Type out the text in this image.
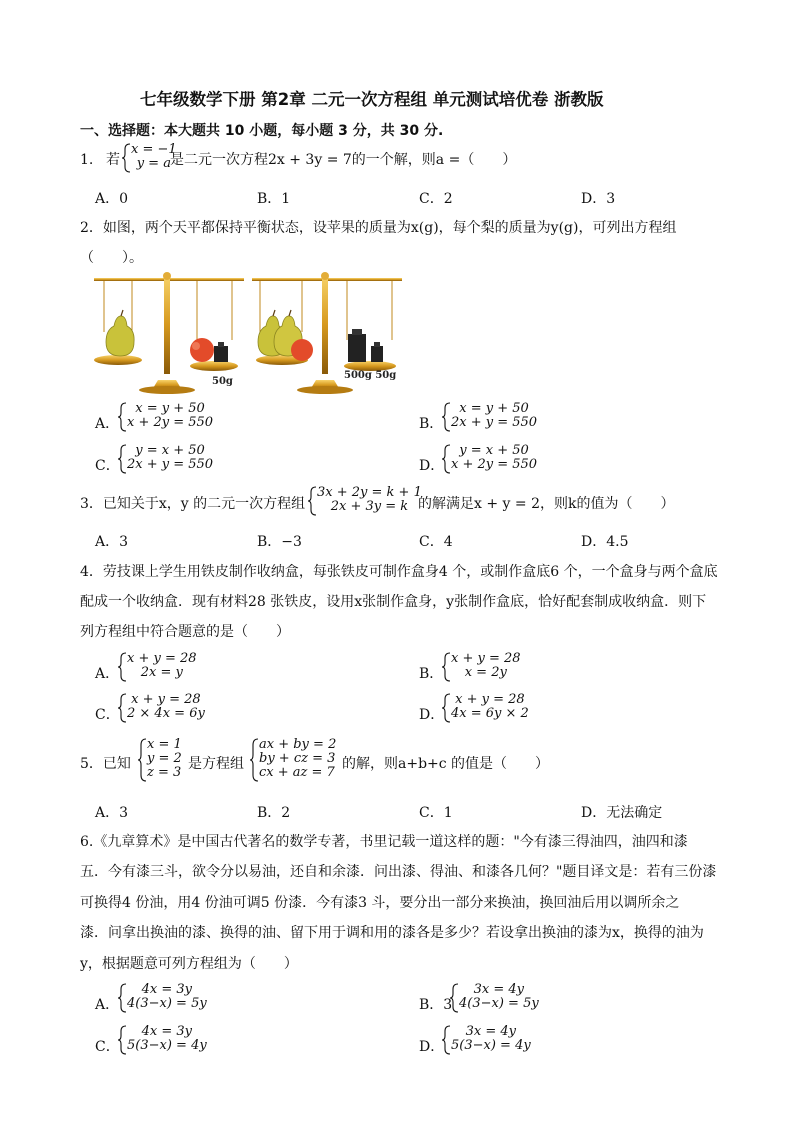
七年级数学下册 第2章 二元一次方程组 单元测试培优卷 浙教版
一、选择题：本大题共 10 小题，每小题 3 分，共 30 分.
1. 若
x = −1
y = a 是二元一次方程2x + 3y = 7的一个解，则a =（　　）
A．0	B．1	C．2	D．3
2．如图，两个天平都保持平衡状态，设苹果的质量为x(g)，每个梨的质量为y(g)，可列出方程组
（　　）。
50g
500g 50g
A．
x = y + 50
x + 2y = 550	B．
x = y + 50
2x + y = 550
C．
y = x + 50
2x + y = 550	D．
y = x + 50
x + 2y = 550
3．已知关于x，y 的二元一次方程组
3x + 2y = k + 1
2x + 3y = k 的解满足x + y = 2，则k的值为（　　）
A．3	B．−3	C．4	D．4.5
4．劳技课上学生用铁皮制作收纳盒，每张铁皮可制作盒身4 个，或制作盒底6 个，一个盒身与两个盒底
配成一个收纳盒．现有材料28 张铁皮，设用x张制作盒身，y张制作盒底，恰好配套制成收纳盒．则下
列方程组中符合题意的是（　　）
A．
x + y = 28
2x = y	B．
x + y = 28
x = 2y
C．
x + y = 28
2 × 4x = 6y	D．
x + y = 28
4x = 6y × 2
5．已知
x = 1
y = 2
z = 3
是方程组
ax + by = 2
by + cz = 3
cx + az = 7
的解，则a+b+c 的值是（　　）
A．3	B．2	C．1	D．无法确定
6.《九章算术》是中国古代著名的数学专著，书里记载一道这样的题："今有漆三得油四，油四和漆
五．今有漆三斗，欲令分以易油，还自和余漆．问出漆、得油、和漆各几何？"题目译文是：若有三份漆
可换得4 份油，用4 份油可调5 份漆．今有漆3 斗，要分出一部分来换油，换回油后用以调所余之
漆．问拿出换油的漆、换得的油、留下用于调和用的漆各是多少？若设拿出换油的漆为x，换得的油为
y，根据题意可列方程组为（　　）
A．
4x = 3y
4(3−x) = 5y	B．3
3x = 4y
4(3−x) = 5y
C．
4x = 3y
5(3−x) = 4y	D．
3x = 4y
5(3−x) = 4y
